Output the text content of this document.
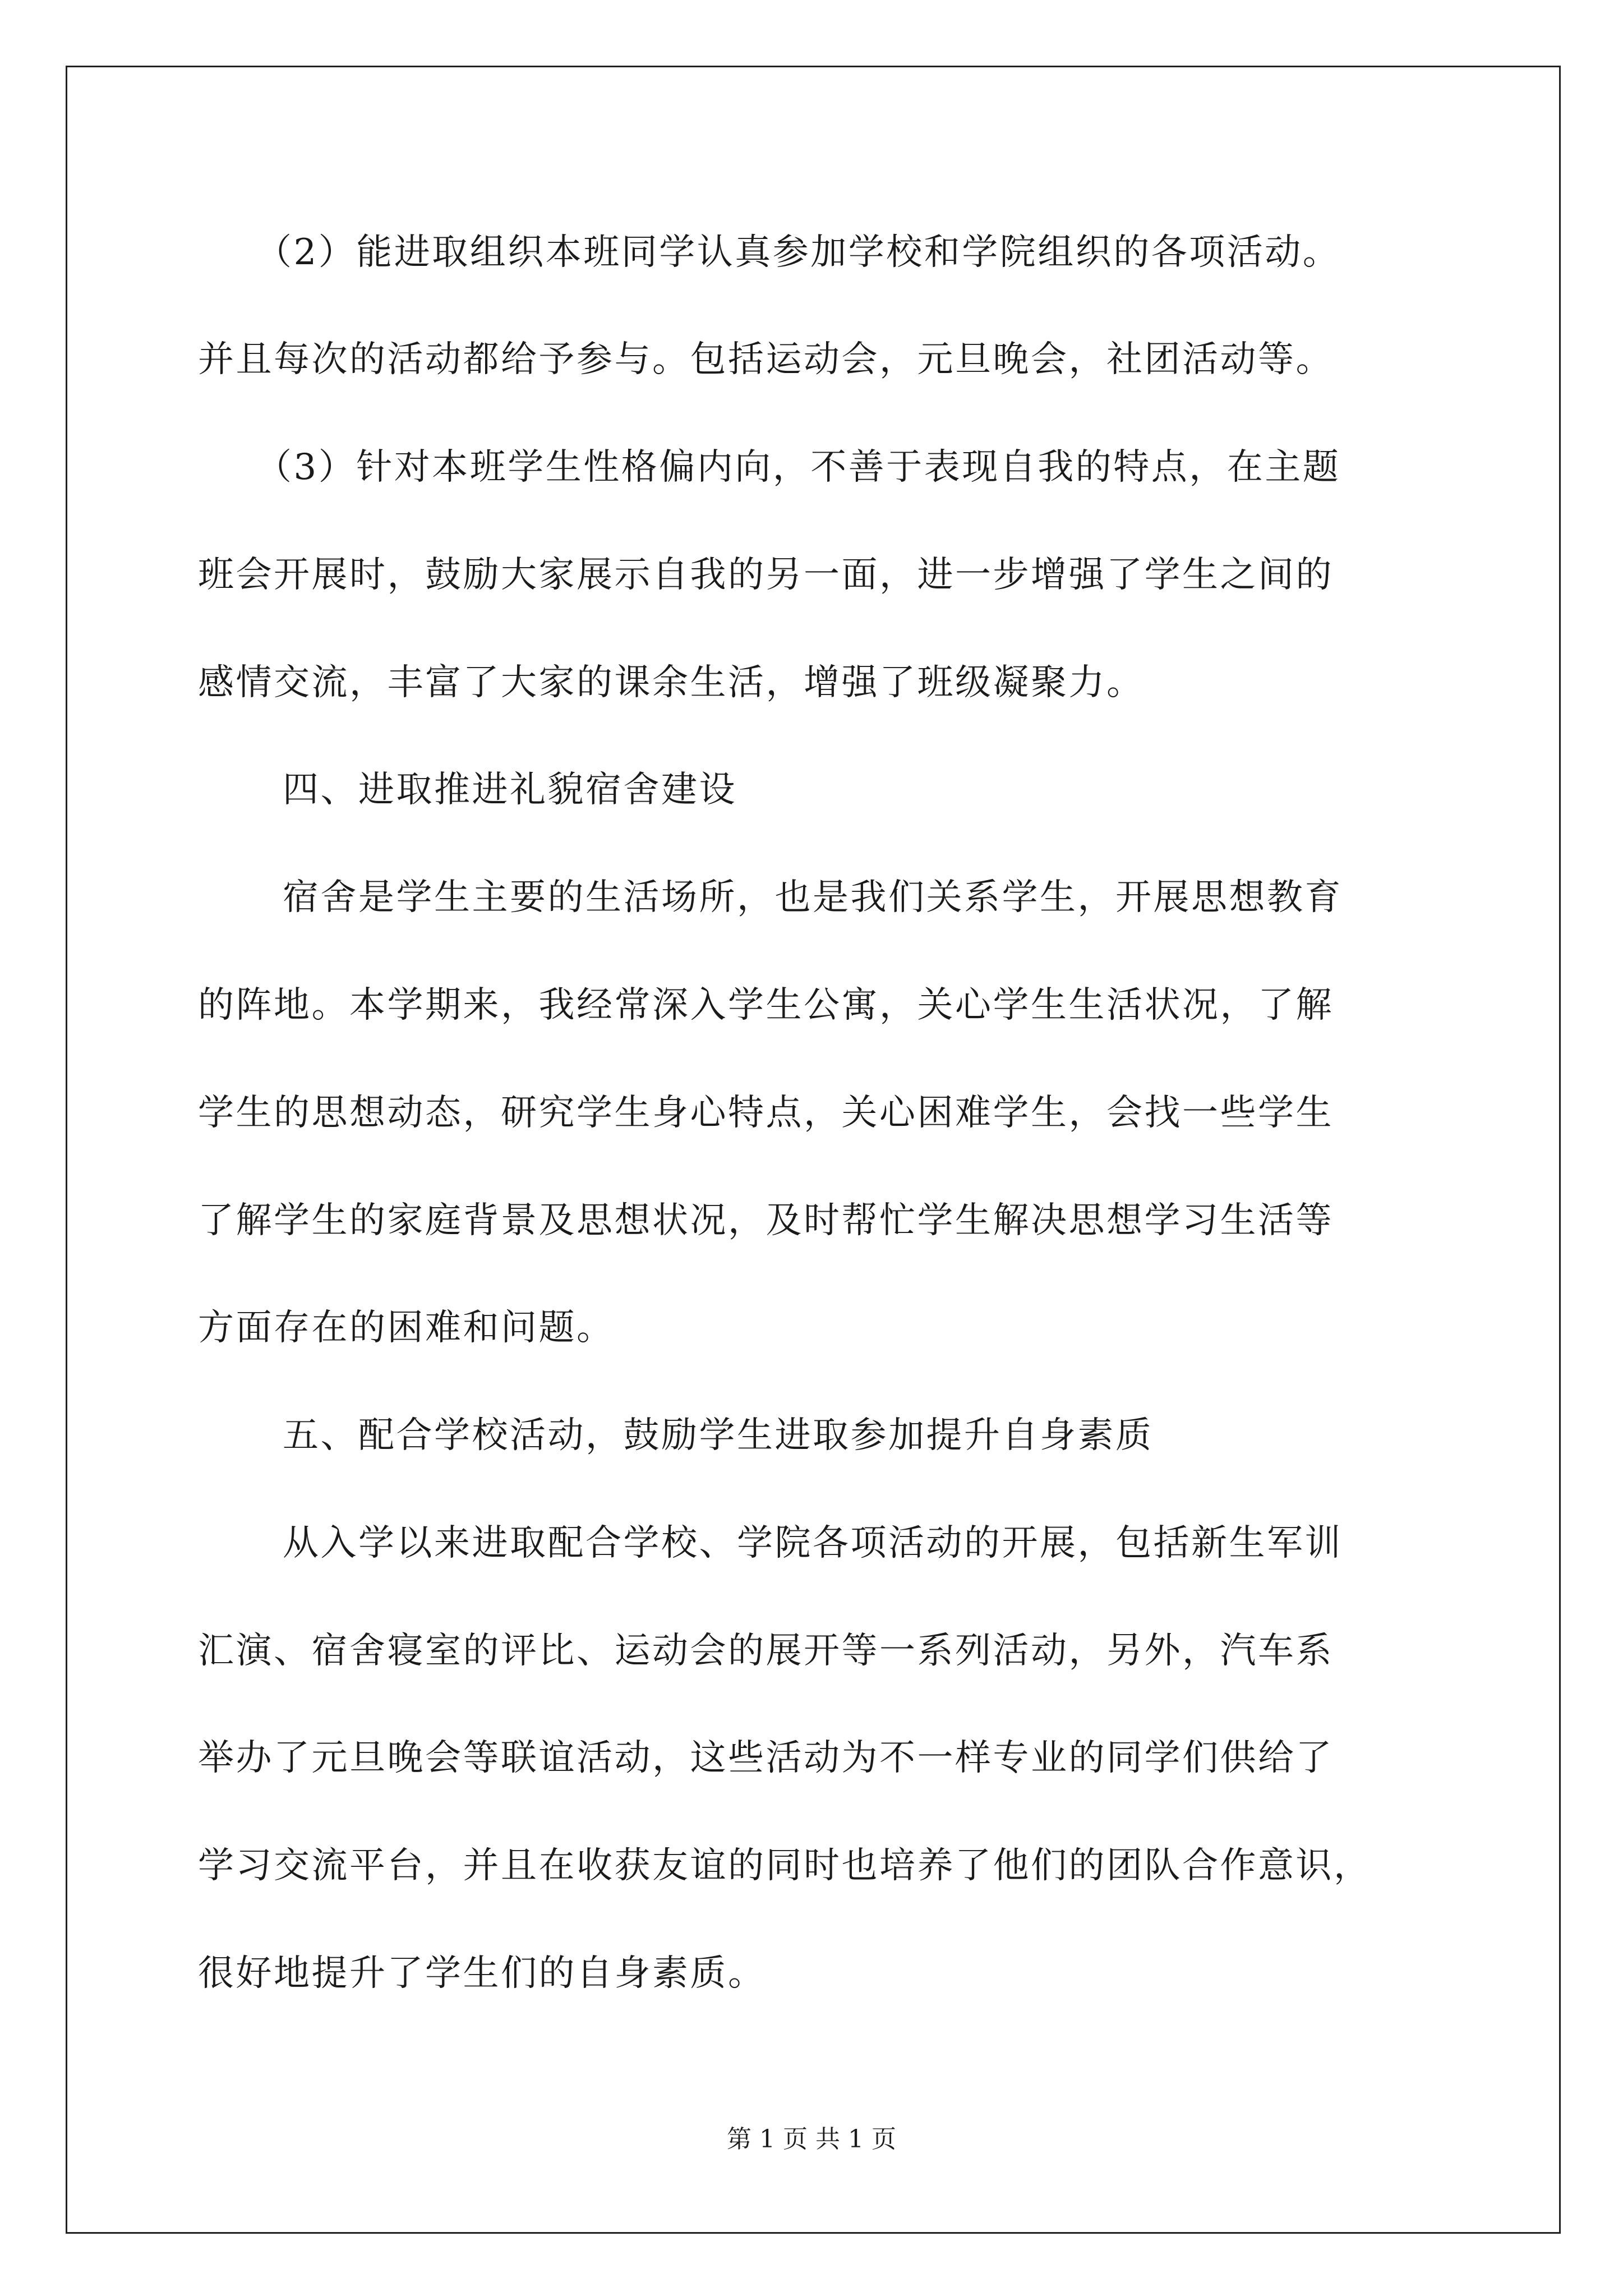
（2）能进取组织本班同学认真参加学校和学院组织的各项活动。
并且每次的活动都给予参与。包括运动会，元旦晚会，社团活动等。
（3）针对本班学生性格偏内向，不善于表现自我的特点，在主题
班会开展时，鼓励大家展示自我的另一面，进一步增强了学生之间的
感情交流，丰富了大家的课余生活，增强了班级凝聚力。
四、进取推进礼貌宿舍建设
宿舍是学生主要的生活场所，也是我们关系学生，开展思想教育
的阵地。本学期来，我经常深入学生公寓，关心学生生活状况，了解
学生的思想动态，研究学生身心特点，关心困难学生，会找一些学生
了解学生的家庭背景及思想状况，及时帮忙学生解决思想学习生活等
方面存在的困难和问题。
五、配合学校活动，鼓励学生进取参加提升自身素质
从入学以来进取配合学校、学院各项活动的开展，包括新生军训
汇演、宿舍寝室的评比、运动会的展开等一系列活动，另外，汽车系
举办了元旦晚会等联谊活动，这些活动为不一样专业的同学们供给了
学习交流平台，并且在收获友谊的同时也培养了他们的团队合作意识，
很好地提升了学生们的自身素质。
第 1 页 共 1 页
